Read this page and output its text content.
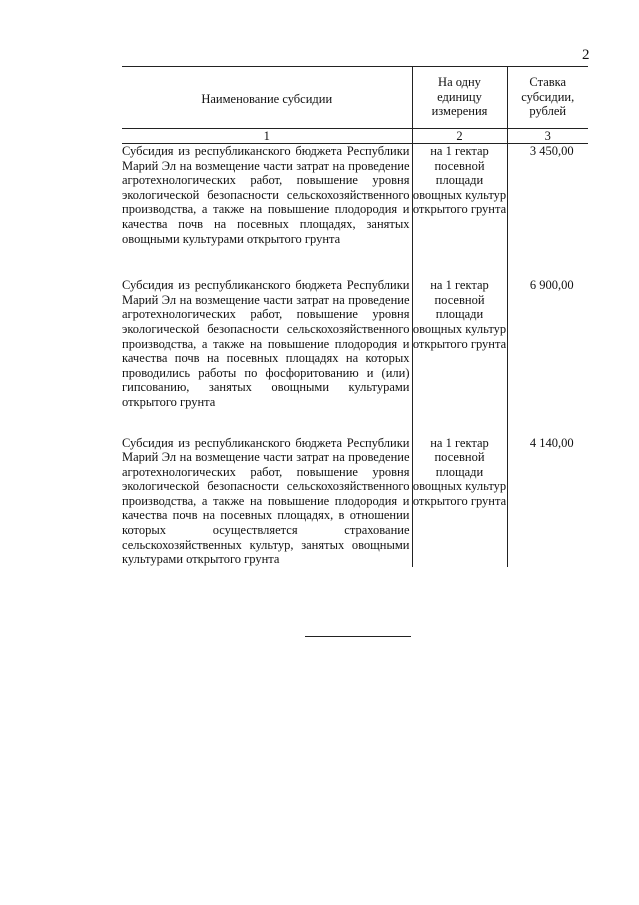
2
Наименование субсидии	На одну единицу измерения	Ставка субсидии, рублей
1	2	3
Субсидия из республиканского бюджета Республики Марий Эл на возмещение части затрат на проведение агротехнологических работ, повышение уровня экологической безопасности сельскохозяйственного производства, а также на повышение плодородия и качества почв на посевных площадях, занятых овощными культурами открытого грунта	на 1 гектар посевной площади овощных культур открытого грунта	3 450,00

Субсидия из республиканского бюджета Республики Марий Эл на возмещение части затрат на проведение агротехнологических работ, повышение уровня экологической безопасности сельскохозяйственного производства, а также на повышение плодородия и качества почв на посевных площадях на которых проводились работы по фосфоритованию и (или) гипсованию, занятых овощными культурами открытого грунта	на 1 гектар посевной площади овощных культур открытого грунта	6 900,00

Субсидия из республиканского бюджета Республики Марий Эл на возмещение части затрат на проведение агротехнологических работ, повышение уровня экологической безопасности сельскохозяйственного производства, а также на повышение плодородия и качества почв на посевных площадях, в отношении которых осуществляется страхование сельскохозяйственных культур, занятых овощными культурами открытого грунта	на 1 гектар посевной площади овощных культур открытого грунта	4 140,00
